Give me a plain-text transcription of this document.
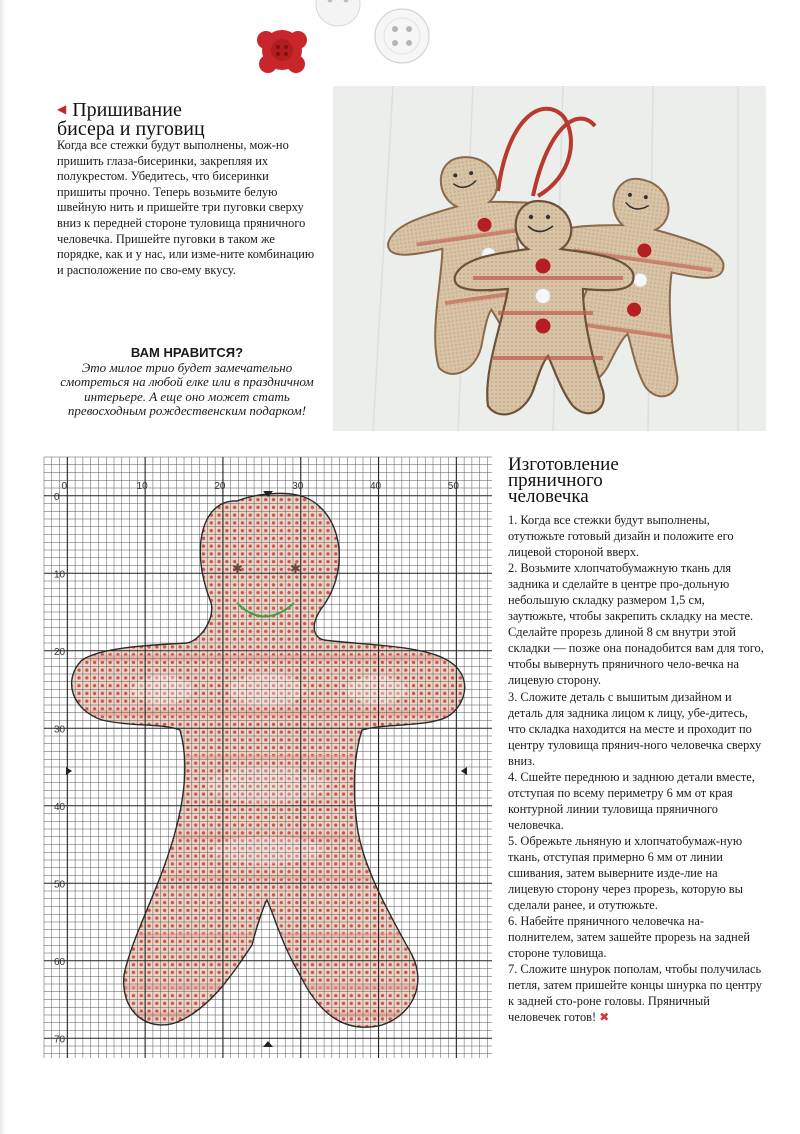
◀ Пришивание
бисера и пуговиц
Когда все стежки будут выполнены, мож-но пришить глаза-бисеринки, закрепляя их полукрестом. Убедитесь, что бисеринки пришиты прочно. Теперь возьмите белую швейную нить и пришейте три пуговки сверху вниз к передней стороне туловища пряничного человечка. Пришейте пуговки в таком же порядке, как и у нас, или изме-ните комбинацию и расположение по сво-ему вкусу.
ВАМ НРАВИТСЯ?
Это милое трио будет замечательно смотреться на любой елке или в праздничном интерьере. А еще оно может стать превосходным рождественским подарком!
✱	✱
0	10	20	30	40	50
0
10
20
30
40
50
60
70
Изготовление
пряничного
человечка

1. Когда все стежки будут выполнены, отутюжьте готовый дизайн и положите его лицевой стороной вверх.

2. Возьмите хлопчатобумажную ткань для задника и сделайте в центре про-дольную небольшую складку размером 1,5 см, заутюжьте, чтобы закрепить складку на месте. Сделайте прорезь длиной 8 см внутри этой складки — позже она понадобится вам для того, чтобы вывернуть пряничного чело-вечка на лицевую сторону.

3. Сложите деталь с вышитым дизайном и деталь для задника лицом к лицу, убе-дитесь, что складка находится на месте и проходит по центру туловища прянич-ного человечка сверху вниз.

4. Сшейте переднюю и заднюю детали вместе, отступая по всему периметру 6 мм от края контурной линии туловища пряничного человечка.

5. Обрежьте льняную и хлопчатобумаж-ную ткань, отступая примерно 6 мм от линии сшивания, затем выверните изде-лие на лицевую сторону через прорезь, которую вы сделали ранее, и отутюжьте.

6. Набейте пряничного человечка на-полнителем, затем зашейте прорезь на задней стороне туловища.

7. Сложите шнурок пополам, чтобы получилась петля, затем пришейте концы шнурка по центру к задней сто-роне головы. Пряничный человечек готов! ✖
